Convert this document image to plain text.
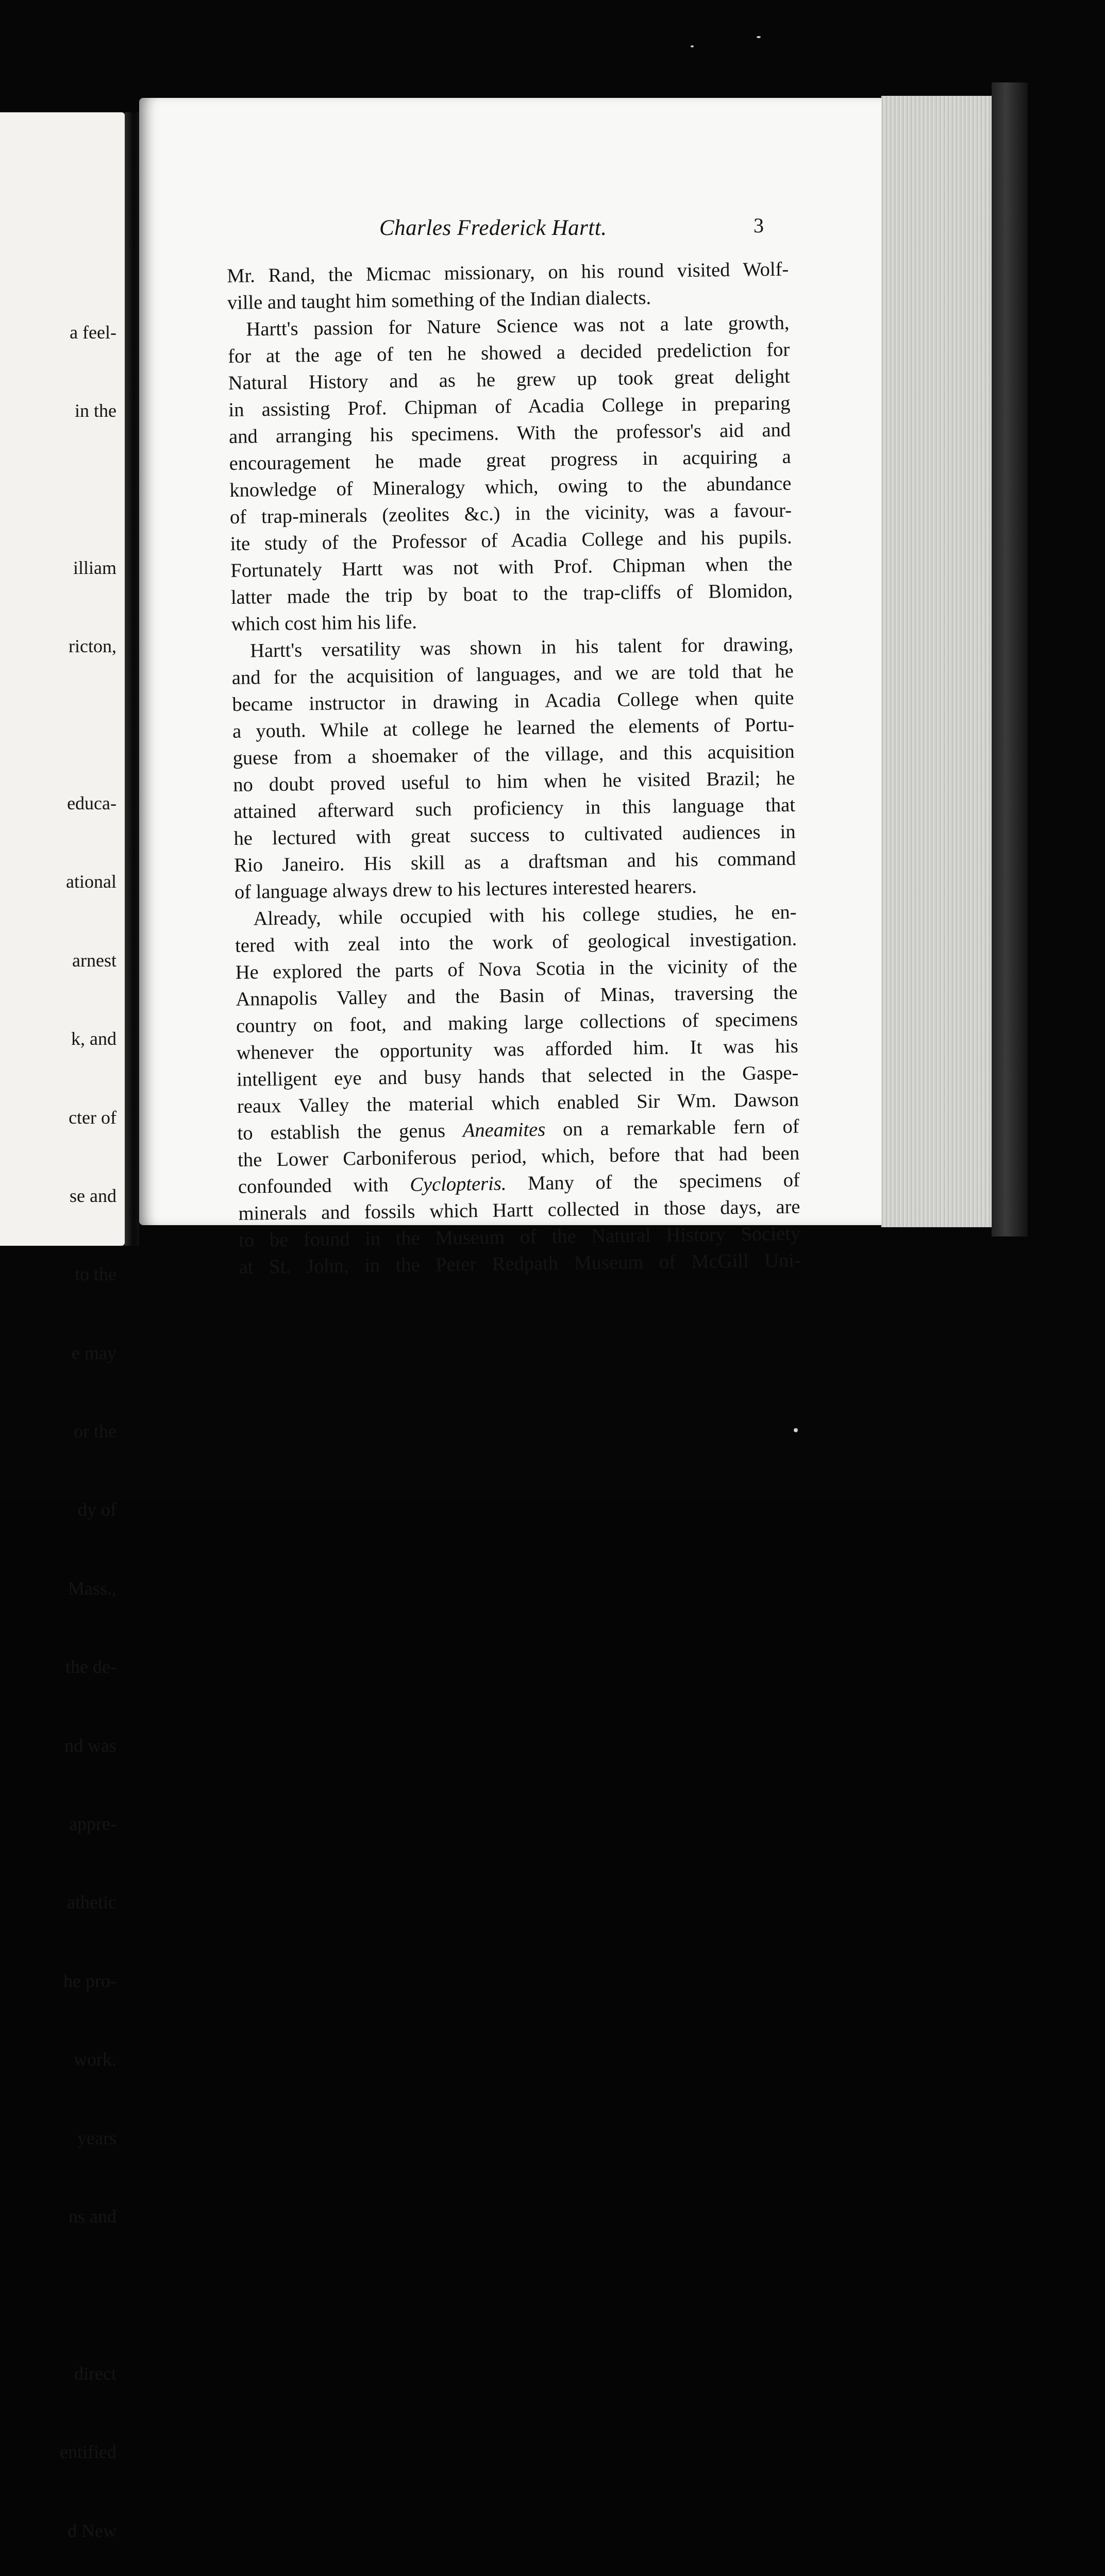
a feel-

in the

illiam

ricton,

educa-

ational

arnest

k, and

cter of

se and

to the

e may

or the

dy of

Mass.,

the de-

nd was

appre-

athetic

he pro-

work.

years

ns and

direct

entified

d New

Charles Frederick Hartt.	3
Mr. Rand, the Micmac missionary, on his round visited Wolf-
ville and taught him something of the Indian dialects.
Hartt's passion for Nature Science was not a late growth,
for at the age of ten he showed a decided predeliction for
Natural History and as he grew up took great delight
in assisting Prof. Chipman of Acadia College in preparing
and arranging his specimens. With the professor's aid and
encouragement he made great progress in acquiring a
knowledge of Mineralogy which, owing to the abundance
of trap-minerals (zeolites &c.) in the vicinity, was a favour-
ite study of the Professor of Acadia College and his pupils.
Fortunately Hartt was not with Prof. Chipman when the
latter made the trip by boat to the trap-cliffs of Blomidon,
which cost him his life.
Hartt's versatility was shown in his talent for drawing,
and for the acquisition of languages, and we are told that he
became instructor in drawing in Acadia College when quite
a youth. While at college he learned the elements of Portu-
guese from a shoemaker of the village, and this acquisition
no doubt proved useful to him when he visited Brazil; he
attained afterward such proficiency in this language that
he lectured with great success to cultivated audiences in
Rio Janeiro. His skill as a draftsman and his command
of language always drew to his lectures interested hearers.
Already, while occupied with his college studies, he en-
tered with zeal into the work of geological investigation.
He explored the parts of Nova Scotia in the vicinity of the
Annapolis Valley and the Basin of Minas, traversing the
country on foot, and making large collections of specimens
whenever the opportunity was afforded him. It was his
intelligent eye and busy hands that selected in the Gaspe-
reaux Valley the material which enabled Sir Wm. Dawson
to establish the genus Aneamites on a remarkable fern of
the Lower Carboniferous period, which, before that had been
confounded with Cyclopteris. Many of the specimens of
minerals and fossils which Hartt collected in those days, are
to be found in the Museum of the Natural History Society
at St. John, in the Peter Redpath Museum of McGill Uni-
